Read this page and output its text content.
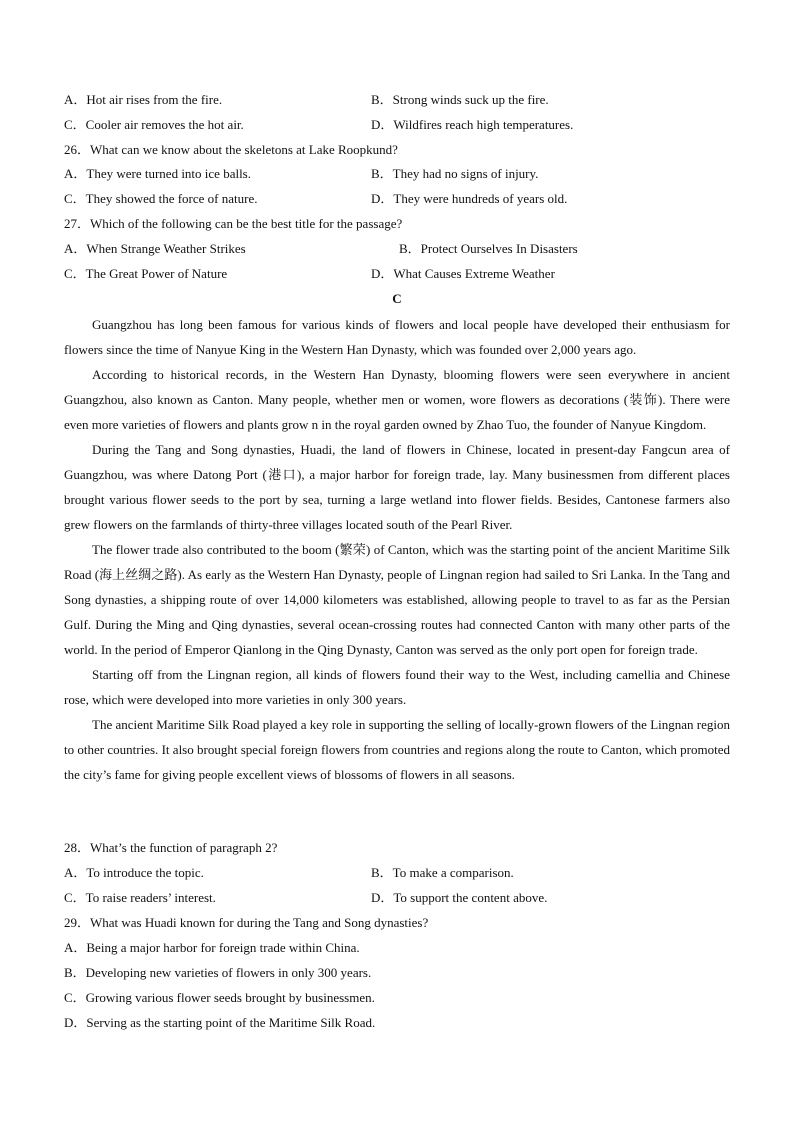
A．Hot air rises from the fire.	B．Strong winds suck up the fire.
C．Cooler air removes the hot air.	D．Wildfires reach high temperatures.
26．What can we know about the skeletons at Lake Roopkund?
A．They were turned into ice balls.	B．They had no signs of injury.
C．They showed the force of nature.	D．They were hundreds of years old.
27．Which of the following can be the best title for the passage?
A．When Strange Weather Strikes	B．Protect Ourselves In Disasters
C．The Great Power of Nature	D．What Causes Extreme Weather
C

Guangzhou has long been famous for various kinds of flowers and local people have developed their enthusiasm for flowers since the time of Nanyue King in the Western Han Dynasty, which was founded over 2,000 years ago.

According to historical records, in the Western Han Dynasty, blooming flowers were seen everywhere in ancient Guangzhou, also known as Canton. Many people, whether men or women, wore flowers as decorations (装饰). There were even more varieties of flowers and plants grow n in the royal garden owned by Zhao Tuo, the founder of Nanyue Kingdom.

During the Tang and Song dynasties, Huadi, the land of flowers in Chinese, located in present-day Fangcun area of Guangzhou, was where Datong Port (港口), a major harbor for foreign trade, lay. Many businessmen from different places brought various flower seeds to the port by sea, turning a large wetland into flower fields. Besides, Cantonese farmers also grew flowers on the farmlands of thirty-three villages located south of the Pearl River.

The flower trade also contributed to the boom (繁荣) of Canton, which was the starting point of the ancient Maritime Silk Road (海上丝绸之路). As early as the Western Han Dynasty, people of Lingnan region had sailed to Sri Lanka. In the Tang and Song dynasties, a shipping route of over 14,000 kilometers was established, allowing people to travel to as far as the Persian Gulf. During the Ming and Qing dynasties, several ocean-crossing routes had connected Canton with many other parts of the world. In the period of Emperor Qianlong in the Qing Dynasty, Canton was served as the only port open for foreign trade.

Starting off from the Lingnan region, all kinds of flowers found their way to the West, including camellia and Chinese rose, which were developed into more varieties in only 300 years.

The ancient Maritime Silk Road played a key role in supporting the selling of locally-grown flowers of the Lingnan region to other countries. It also brought special foreign flowers from countries and regions along the route to Canton, which promoted the city’s fame for giving people excellent views of blossoms of flowers in all seasons.

28．What’s the function of paragraph 2?
A．To introduce the topic.	B．To make a comparison.
C．To raise readers’ interest.	D．To support the content above.
29．What was Huadi known for during the Tang and Song dynasties?
A．Being a major harbor for foreign trade within China.
B．Developing new varieties of flowers in only 300 years.
C．Growing various flower seeds brought by businessmen.
D．Serving as the starting point of the Maritime Silk Road.
